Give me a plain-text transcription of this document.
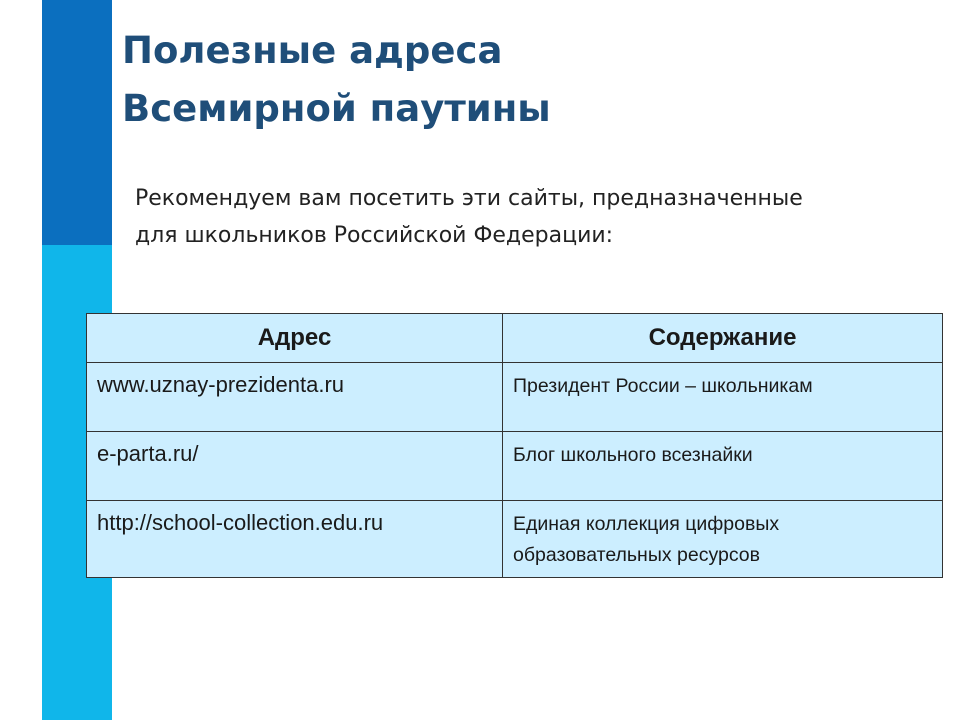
Полезные адреса
Всемирной паутины

Рекомендуем вам посетить эти сайты, предназначенные
для школьников Российской Федерации:

Адрес	Содержание
www.uznay-prezidenta.ru	Президент России – школьникам
e-parta.ru/	Блог школьного всезнайки
http://school-collection.edu.ru	Единая коллекция цифровых образовательных ресурсов
